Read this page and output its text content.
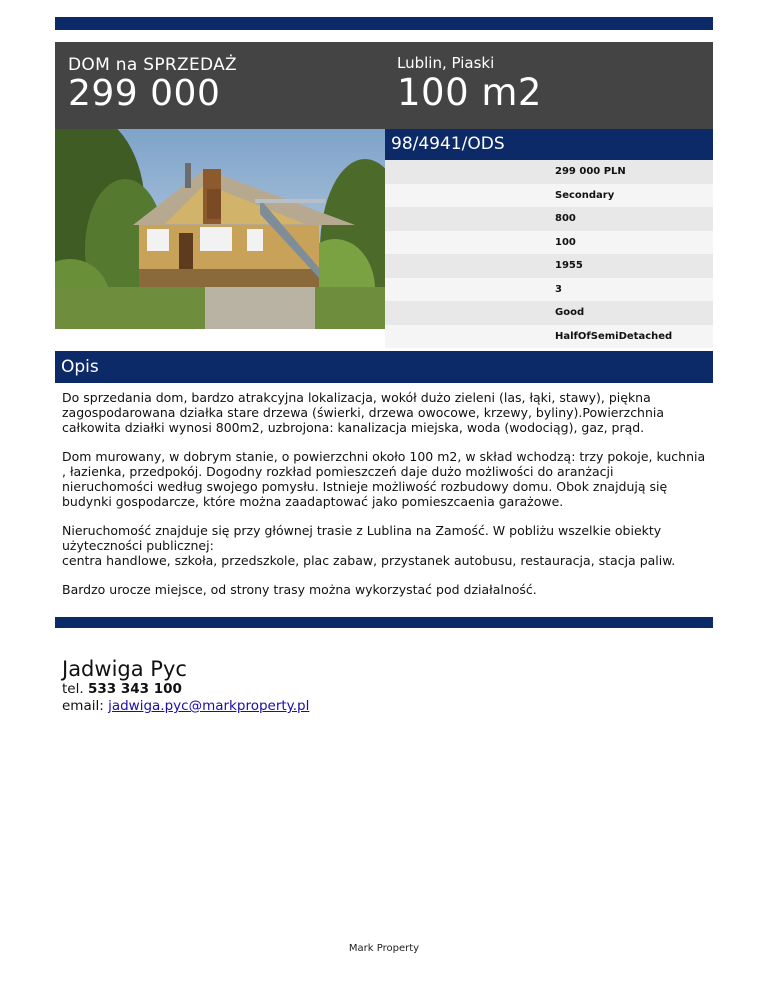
DOM na SPRZEDAŻ
299 000
Lublin, Piaski
100 m2
98/4941/ODS
299 000 PLN
Secondary
800
100
1955
3
Good
HalfOfSemiDetached
Opis

Do sprzedania dom, bardzo atrakcyjna lokalizacja, wokół dużo zieleni (las, łąki, stawy), piękna zagospodarowana działka stare drzewa (świerki, drzewa owocowe, krzewy, byliny).Powierzchnia całkowita działki wynosi 800m2, uzbrojona: kanalizacja miejska, woda (wodociąg), gaz, prąd.

Dom murowany, w dobrym stanie, o powierzchni około 100 m2, w skład wchodzą: trzy pokoje, kuchnia , łazienka, przedpokój. Dogodny rozkład pomieszczeń daje dużo możliwości do aranżacji nieruchomości według swojego pomysłu. Istnieje możliwość rozbudowy domu. Obok znajdują się budynki gospodarcze, które można zaadaptować jako pomieszcaenia garażowe.

Nieruchomość znajduje się przy głównej trasie z Lublina na Zamość. W pobliżu wszelkie obiekty użyteczności publicznej:
centra handlowe, szkoła, przedszkole, plac zabaw, przystanek autobusu, restauracja, stacja paliw.

Bardzo urocze miejsce, od strony trasy można wykorzystać pod działalność.

Jadwiga Pyc
tel. 533 343 100
email: jadwiga.pyc@markproperty.pl
Mark Property
